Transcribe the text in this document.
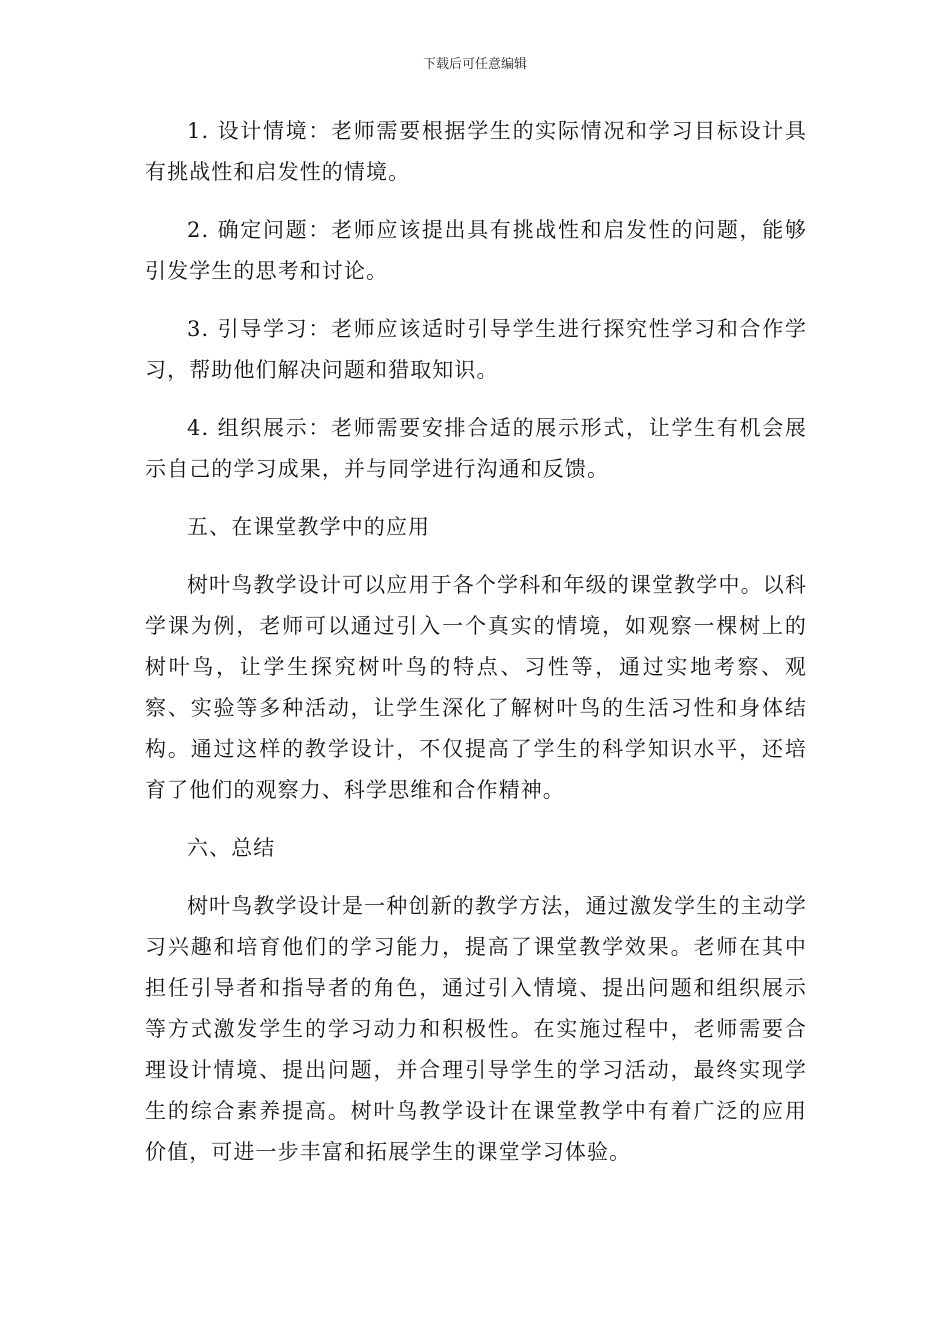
下载后可任意编辑

1. 设计情境：老师需要根据学生的实际情况和学习目标设计具有挑战性和启发性的情境。

2. 确定问题：老师应该提出具有挑战性和启发性的问题，能够引发学生的思考和讨论。

3. 引导学习：老师应该适时引导学生进行探究性学习和合作学习，帮助他们解决问题和猎取知识。

4. 组织展示：老师需要安排合适的展示形式，让学生有机会展示自己的学习成果，并与同学进行沟通和反馈。

五、在课堂教学中的应用

树叶鸟教学设计可以应用于各个学科和年级的课堂教学中。以科学课为例，老师可以通过引入一个真实的情境，如观察一棵树上的树叶鸟，让学生探究树叶鸟的特点、习性等，通过实地考察、观察、实验等多种活动，让学生深化了解树叶鸟的生活习性和身体结构。通过这样的教学设计，不仅提高了学生的科学知识水平，还培育了他们的观察力、科学思维和合作精神。

六、总结

树叶鸟教学设计是一种创新的教学方法，通过激发学生的主动学习兴趣和培育他们的学习能力，提高了课堂教学效果。老师在其中担任引导者和指导者的角色，通过引入情境、提出问题和组织展示等方式激发学生的学习动力和积极性。在实施过程中，老师需要合理设计情境、提出问题，并合理引导学生的学习活动，最终实现学生的综合素养提高。树叶鸟教学设计在课堂教学中有着广泛的应用价值，可进一步丰富和拓展学生的课堂学习体验。
